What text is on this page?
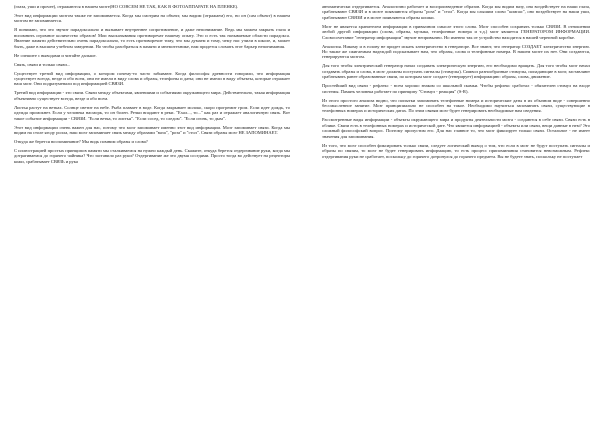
(глаза, уши и прочее), отражаются в нашем мозге(НО СОВСЕМ НЕ ТАК, КАК В ФОТОАППАРАТЕ НА ПЛЕНКЕ).

Этот вид информации мозгом также не запоминается. Когда мы смотрим на объект, мы видим (отражаем) его, но он (сам объект) в нашем мозгом не запоминается.

Я понимаю, что это звучит парадоксально и вызывает внутреннее сопротивление, и даже непонимание. Ведь мы можем закрыть глаза и вспомнить огромное количество образов! Мои высказывания противоречат нашему опыту. Это и есть так называемые области парадокса. Явление памяти действительно очень парадоксально, то есть противоречит тому, что мы думаем и тому, чему нас учили в школе, и, может быть, даже в высшем учебном заведении. Но чтобы разобраться в памяти и мнемотехнике, нам придется сломать этот барьер непонимания.

Не спешите с выводами и читайте дальше.

Связь, связи и только связи...

Существует третий вид информации, о котором почему-то часто забывают. Когда философы древности говорили, что информация существует всегда, везде и обо всем, они не имели в виду слова и образы, телефоны и даты; они не имели в виду объекты, которые отражает наш мозг. Они подразумевали под информацией СВЯЗИ.

Третий вид информации - это связи. Связи между объектами, явлениями и событиями окружающего мира. Действительно, такая информация объективно существует всегда, везде и обо всем.

Листья растут на ветках. Солнце светит на небе. Рыба плавает в воде. Когда закрывает молоко, скоро прогремит гром. Если идет дождь, то одежда промокнет. Если у человека насморк, то он болен. Речки впадают в реки. "Ехал..., то..." как раз и отражает аналогичную связь. Вот такое событие информации - СВЯЗИ. "Если ветка, то листья". "Если сосед, то следом". "Если огонь, то дым".

Этот вид информации очень важен для нас, потому что мозг запоминает именно этот вид информации. Мозг запоминает связи. Когда мы видим на столе ягоду ролла, наш мозг запоминает связь между образами "ваза", "роза" и "стол". Связи образы мозг НЕ ЗАПОМИНАЕТ.

Откуда же берется воспоминание? Мы видь помним образы и слова?

С иллюстрацией простых принципов памяти мы сталкиваемся на нужно каждый день. Скажите, откуда берется отдергивание руки, когда мы дотрагиваемся до горячего чайника? Что заставило раз руки? Отдергивание же это двумя соседями. Просто тогда во действует на рецепторы кожи, срабатывает СВЯЗЬ и рука

автоматически отдергивается. Аналогично работает и воспроизведение образов. Когда мы видим вазу, она воздействует на наши глаза, срабатывают СВЯЗИ и в мозге появляются образы "роза" и "стол". Когда мы слышим слово "компас", оно воздействует на наши уши, срабатывают СВЯЗИ и в мозге появляются образы кошки.

Мозг не является хранителем информации в привычном смысле этого слова. Мозг способен сохранять только СВЯЗИ. В отношении любой другой информации (слова, образы, музыка, телефонные номера и т.д.) мозг является ГЕНЕРАТОРОМ ИНФОРМАЦИИ. Словосочетание "генератор информации" звучит непривычно. Но именно так от устройство находится в нашей черепной коробке.

Аналогия. Никому и в голову не придет искать электричество в генераторе. Все знают, что генератор СОЗДАЕТ электричество энергию. Но также же сжигаемым надеждой подсказывает нам, что образы, слова и телефонные номера. В нашем мозге их нет. Они создаются, генерируются мозгом.

Для того чтобы электрический генератор начал создавать электрическую энергию, его необходимо вращать. Для того чтобы мозг начал создавать образы и слова, в мозг должны поступать сигналы (стимулы). Символ разнообразные стимулы, попадающие в мозг, заставляют срабатывать ранее образованные связи, по которым мозг создает (генерирует) информацию: образы, слова, движение.

Простейший вид связи - рефлекс - всем хорошо знаком со школьной скамьи. Чтобы рефлекс сработал - обязателен стимул на входе системы. Память человека работает по принципу "Стимул - реакция" (S-R).

Из этого простого анализа видно, что попытки запоминать телефонные номера и исторические даты в их обычном виде - совершенно бессмысленное занятие. Мозг принципиально не способен на такое. Необходимо научиться запоминать связи, существующие в телефонных номерах и исторических датах. По этим связям мозг будет генерировать необходимые нам сведения.

Рассмотренные виды информации - объекты окружающего мира и продукты деятельности мозга - создаются в себе связи. Связи есть в облике. Связи есть в телефонных номерах и исторической дате. Что является информацией - объекты или связи, вещи данные в нем? Это сложный философский вопрос. Поэтому пропустим его. Для нас главное то, что мозг фиксирует только связи. Остальное - не имеет значения для запоминания.

Из того, что мозг способен фиксировать только связи, следует логический вывод о том, что если в мозг не будут поступать сигналы и образы по связям, то мозг не будет генерировать информацию, то есть процесс припоминания становится невозможным. Рефлекс отдергивания руки не сработает, поскольку до горячего дотронулся до горячего предмета. Вы не будете знать, поскольку не поступает
